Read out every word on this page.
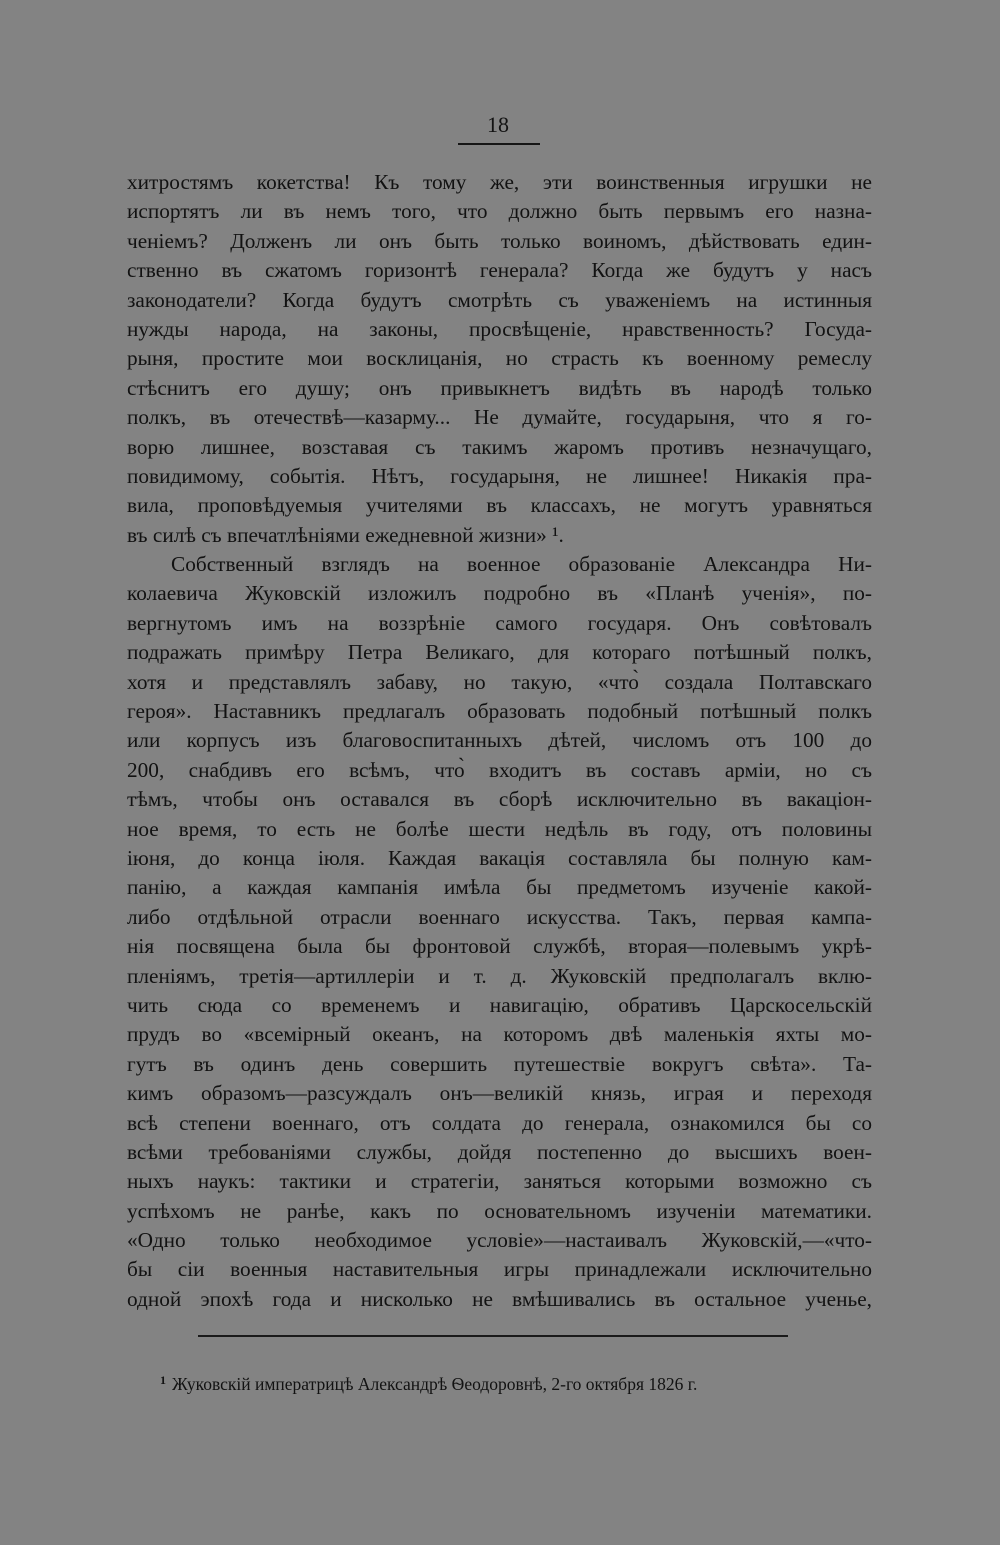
18
хитростямъ кокетства! Къ тому же, эти воинственныя игрушки не
испортятъ ли въ немъ того, что должно быть первымъ его назна-
ченіемъ? Долженъ ли онъ быть только воиномъ, дѣйствовать един-
ственно въ сжатомъ горизонтѣ генерала? Когда же будутъ у насъ
законодатели? Когда будутъ смотрѣть съ уваженіемъ на истинныя
нужды народа, на законы, просвѣщеніе, нравственность? Госуда-
рыня, простите мои восклицанія, но страсть къ военному ремеслу
стѣснитъ его душу; онъ привыкнетъ видѣть въ народѣ только
полкъ, въ отечествѣ—казарму... Не думайте, государыня, что я го-
ворю лишнее, возставая съ такимъ жаромъ противъ незначущаго,
повидимому, событія. Нѣтъ, государыня, не лишнее! Никакія пра-
вила, проповѣдуемыя учителями въ классахъ, не могутъ уравняться
въ силѣ съ впечатлѣніями ежедневной жизни» ¹.
Собственный взглядъ на военное образованіе Александра Ни-
колаевича Жуковскій изложилъ подробно въ «Планѣ ученія», по-
вергнутомъ имъ на воззрѣніе самого государя. Онъ совѣтовалъ
подражать примѣру Петра Великаго, для котораго потѣшный полкъ,
хотя и представлялъ забаву, но такую, «что̀ создала Полтавскаго
героя». Наставникъ предлагалъ образовать подобный потѣшный полкъ
или корпусъ изъ благовоспитанныхъ дѣтей, числомъ отъ 100 до
200, снабдивъ его всѣмъ, что̀ входитъ въ составъ арміи, но съ
тѣмъ, чтобы онъ оставался въ сборѣ исключительно въ вакаціон-
ное время, то есть не болѣе шести недѣль въ году, отъ половины
іюня, до конца іюля. Каждая вакація составляла бы полную кам-
панію, а каждая кампанія имѣла бы предметомъ изученіе какой-
либо отдѣльной отрасли военнаго искусства. Такъ, первая кампа-
нія посвящена была бы фронтовой службѣ, вторая—полевымъ укрѣ-
пленіямъ, третія—артиллеріи и т. д. Жуковскій предполагалъ вклю-
чить сюда со временемъ и навигацію, обративъ Царскосельскій
прудъ во «всемірный океанъ, на которомъ двѣ маленькія яхты мо-
гутъ въ одинъ день совершить путешествіе вокругъ свѣта». Та-
кимъ образомъ—разсуждалъ онъ—великій князь, играя и переходя
всѣ степени военнаго, отъ солдата до генерала, ознакомился бы со
всѣми требованіями службы, дойдя постепенно до высшихъ воен-
ныхъ наукъ: тактики и стратегіи, заняться которыми возможно съ
успѣхомъ не ранѣе, какъ по основательномъ изученіи математики.
«Одно только необходимое условіе»—настаивалъ Жуковскій,—«что-
бы сіи военныя наставительныя игры принадлежали исключительно
одной эпохѣ года и нисколько не вмѣшивались въ остальное ученье,
$^1$ Жуковскій императрицѣ Александрѣ Ѳеодоровнѣ, 2-го октября 1826 г.
